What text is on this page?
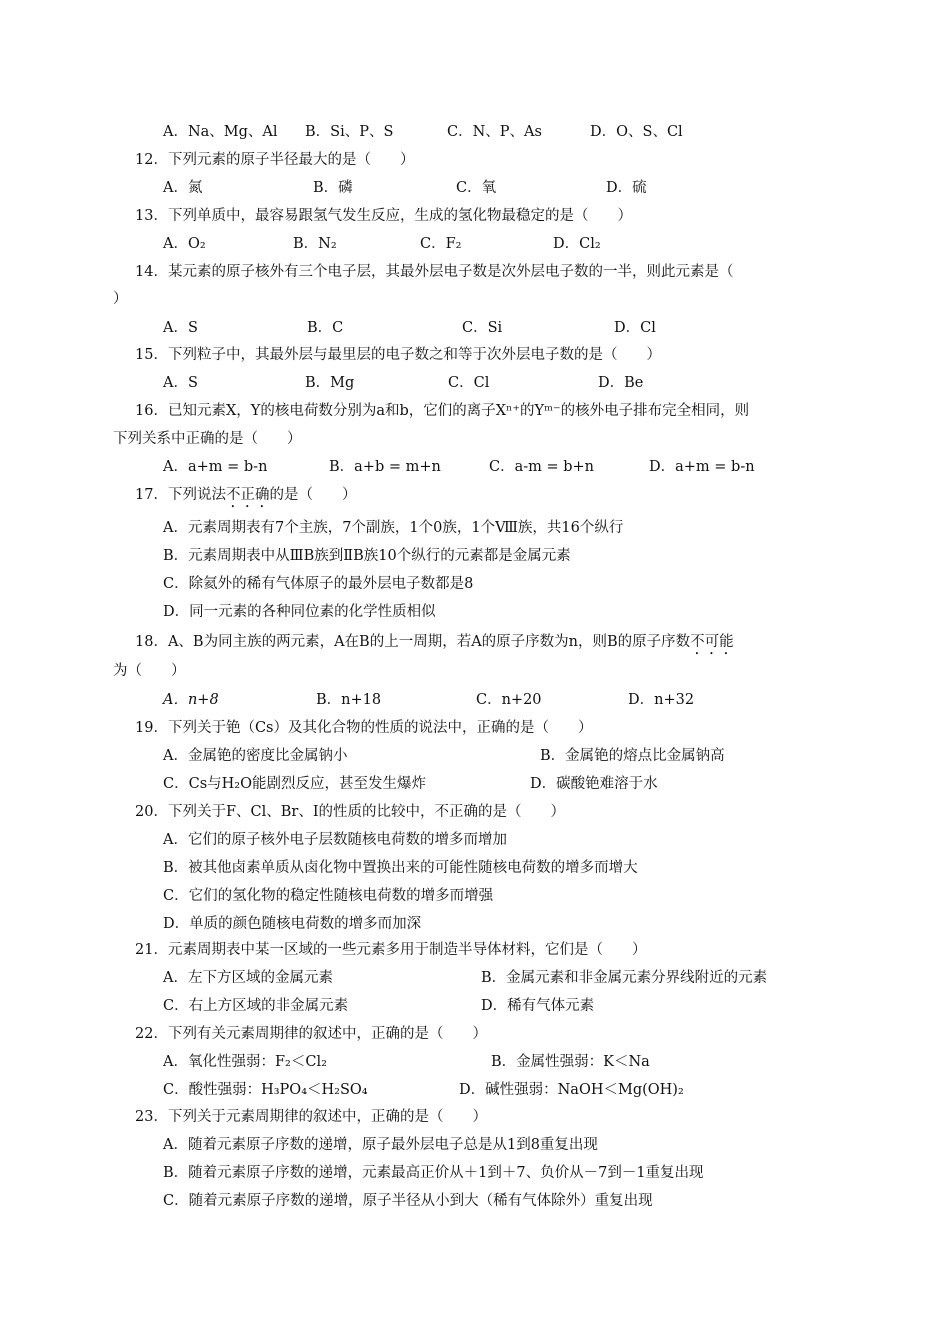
A．Na、Mg、Al B．Si、P、S	C．N、P、As	D．O、S、Cl
12．下列元素的原子半径最大的是（　　）
A．氮	B．磷	C．氧	D．硫
13．下列单质中，最容易跟氢气发生反应，生成的氢化物最稳定的是（　　）
A．O₂	B．N₂	C．F₂	D．Cl₂
14．某元素的原子核外有三个电子层，其最外层电子数是次外层电子数的一半，则此元素是（
）
A．S	B．C	C．Si	D．Cl
15．下列粒子中，其最外层与最里层的电子数之和等于次外层电子数的是（　　）
A．S	B．Mg	C．Cl	D．Be
16．已知元素X，Y的核电荷数分别为a和b，它们的离子Xⁿ⁺的Yᵐ⁻的核外电子排布完全相同，则
下列关系中正确的是（　　）
A．a+m = b-n	B．a+b = m+n	C．a-m = b+n	D．a+m = b-n
17．下列说法不正确的是（　　）
A．元素周期表有7个主族，7个副族，1个0族，1个Ⅷ族，共16个纵行
B．元素周期表中从ⅢB族到ⅡB族10个纵行的元素都是金属元素
C．除氦外的稀有气体原子的最外层电子数都是8
D．同一元素的各种同位素的化学性质相似
18．A、B为同主族的两元素，A在B的上一周期，若A的原子序数为n，则B的原子序数不可能
为（　　）
A．n+8	B．n+18	C．n+20	D．n+32
19．下列关于铯（Cs）及其化合物的性质的说法中，正确的是（　　）
A．金属铯的密度比金属钠小	B．金属铯的熔点比金属钠高
C．Cs与H₂O能剧烈反应，甚至发生爆炸	D．碳酸铯难溶于水
20．下列关于F、Cl、Br、I的性质的比较中，不正确的是（　　）
A．它们的原子核外电子层数随核电荷数的增多而增加
B．被其他卤素单质从卤化物中置换出来的可能性随核电荷数的增多而增大
C．它们的氢化物的稳定性随核电荷数的增多而增强
D．单质的颜色随核电荷数的增多而加深
21．元素周期表中某一区域的一些元素多用于制造半导体材料，它们是（　　）
A．左下方区域的金属元素	B．金属元素和非金属元素分界线附近的元素
C．右上方区域的非金属元素	D．稀有气体元素
22．下列有关元素周期律的叙述中，正确的是（　　）
A．氧化性强弱：F₂＜Cl₂	B．金属性强弱：K＜Na
C．酸性强弱：H₃PO₄＜H₂SO₄	D．碱性强弱：NaOH＜Mg(OH)₂
23．下列关于元素周期律的叙述中，正确的是（　　）
A．随着元素原子序数的递增，原子最外层电子总是从1到8重复出现
B．随着元素原子序数的递增，元素最高正价从＋1到＋7、负价从－7到－1重复出现
C．随着元素原子序数的递增，原子半径从小到大（稀有气体除外）重复出现
